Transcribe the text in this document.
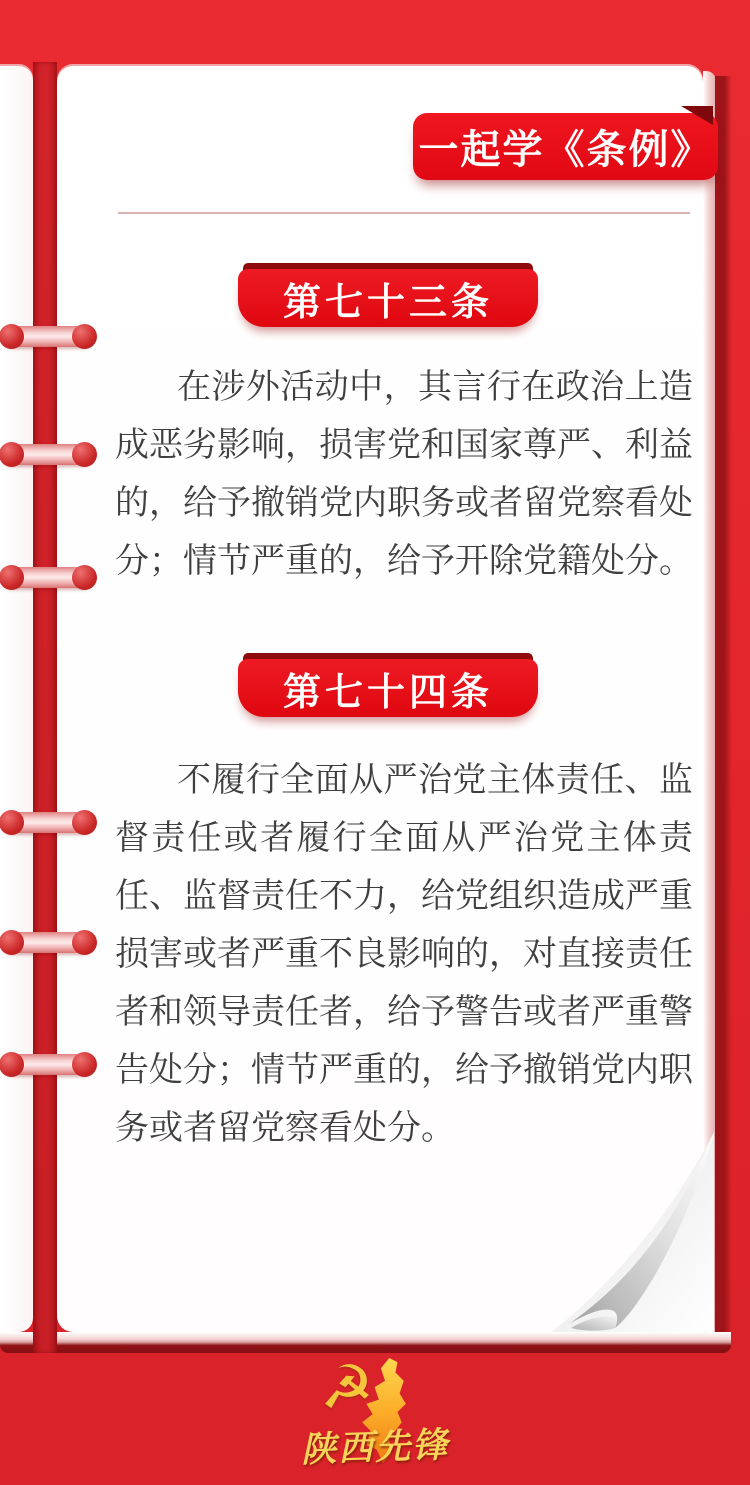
一起学《条例》
第七十三条

在涉外活动中，其言行在政治上造成恶劣影响，损害党和国家尊严、利益的，给予撤销党内职务或者留党察看处分；情节严重的，给予开除党籍处分。

第七十四条

不履行全面从严治党主体责任、监督责任或者履行全面从严治党主体责任、监督责任不力，给党组织造成严重损害或者严重不良影响的，对直接责任者和领导责任者，给予警告或者严重警告处分；情节严重的，给予撤销党内职务或者留党察看处分。

☭
陕西先锋
